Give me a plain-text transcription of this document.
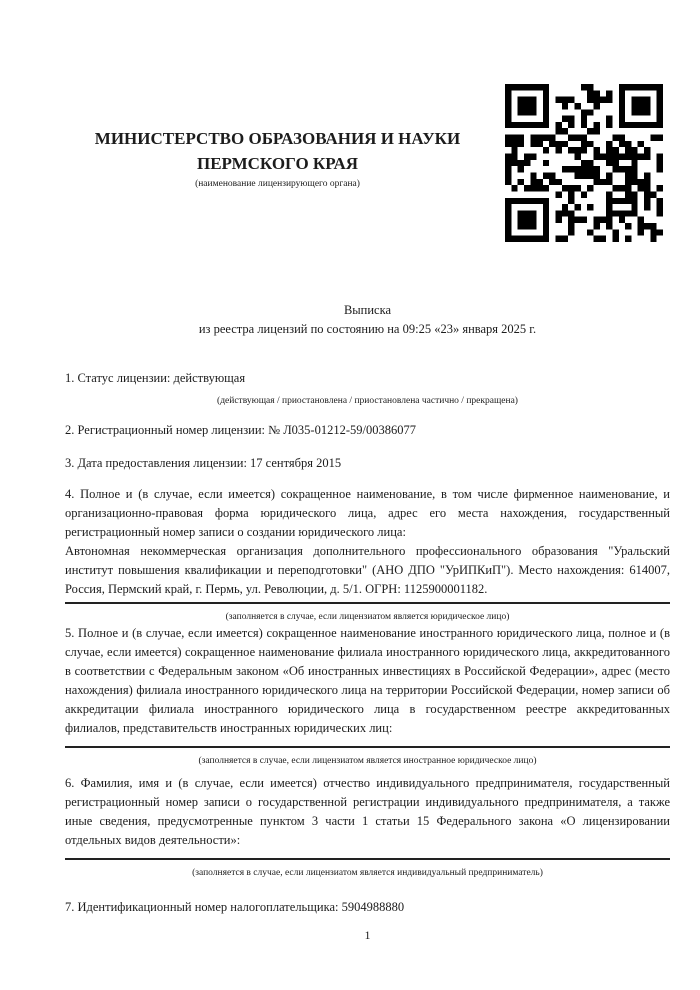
МИНИСТЕРСТВО ОБРАЗОВАНИЯ И НАУКИ

ПЕРМСКОГО КРАЯ

(наименование лицензирующего органа)

Выписка
из реестра лицензий по состоянию на 09:25 «23» января 2025 г.

1. Статус лицензии: действующая

(действующая / приостановлена / приостановлена частично / прекращена)

2. Регистрационный номер лицензии: № Л035-01212-59/00386077

3. Дата предоставления лицензии: 17 сентября 2015

4. Полное и (в случае, если имеется) сокращенное наименование, в том числе фирменное наименование, и организационно-правовая форма юридического лица, адрес его места нахождения, государственный регистрационный номер записи о создании юридического лица:

Автономная некоммерческая организация дополнительного профессионального образования "Уральский институт повышения квалификации и переподготовки" (АНО ДПО "УрИПКиП"). Место нахождения: 614007, Россия, Пермский край, г. Пермь, ул. Революции, д. 5/1. ОГРН: 1125900001182.

(заполняется в случае, если лицензиатом является юридическое лицо)

5. Полное и (в случае, если имеется) сокращенное наименование иностранного юридического лица, полное и (в случае, если имеется) сокращенное наименование филиала иностранного юридического лица, аккредитованного в соответствии с Федеральным законом «Об иностранных инвестициях в Российской Федерации», адрес (место нахождения) филиала иностранного юридического лица на территории Российской Федерации, номер записи об аккредитации филиала иностранного юридического лица в государственном реестре аккредитованных филиалов, представительств иностранных юридических лиц:

(заполняется в случае, если лицензиатом является иностранное юридическое лицо)

6. Фамилия, имя и (в случае, если имеется) отчество индивидуального предпринимателя, государственный регистрационный номер записи о государственной регистрации индивидуального предпринимателя, а также иные сведения, предусмотренные пунктом 3 части 1 статьи 15 Федерального закона «О лицензировании отдельных видов деятельности»:

(заполняется в случае, если лицензиатом является индивидуальный предприниматель)

7. Идентификационный номер налогоплательщика: 5904988880

1
